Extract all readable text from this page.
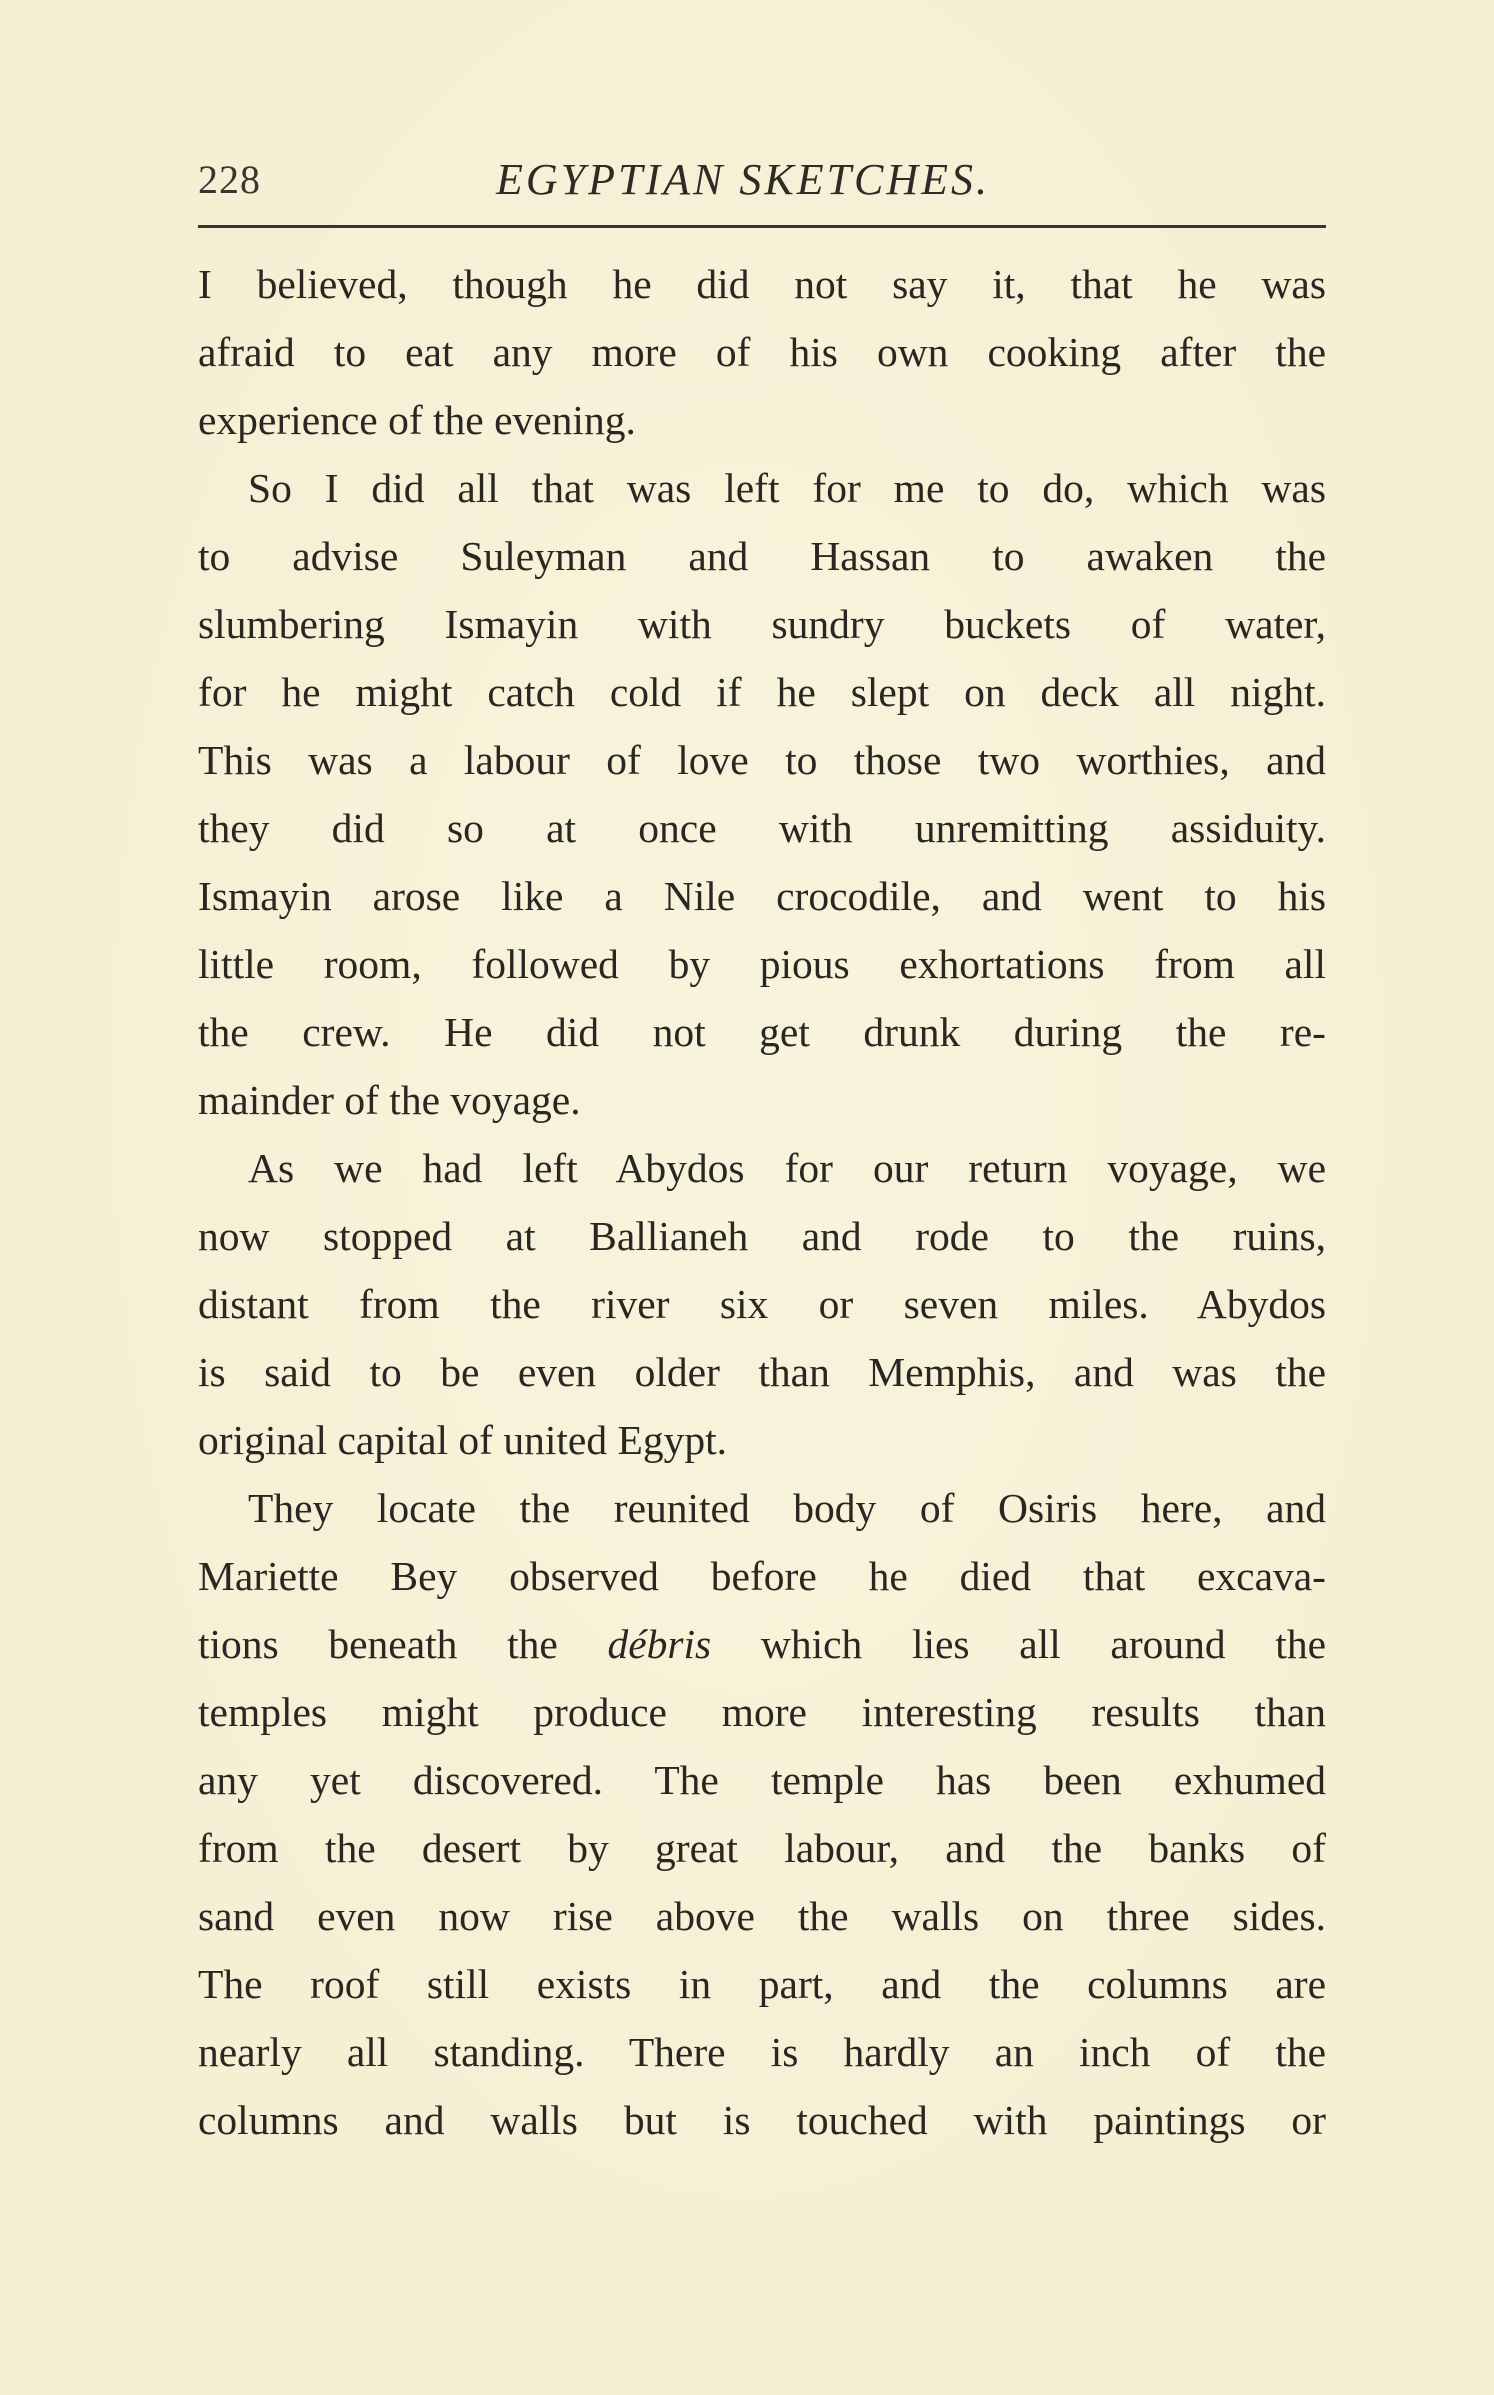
228	EGYPTIAN SKETCHES.
I believed, though he did not say it, that he was
afraid to eat any more of his own cooking after the
experience of the evening.
So I did all that was left for me to do, which was
to advise Suleyman and Hassan to awaken the
slumbering Ismayin with sundry buckets of water,
for he might catch cold if he slept on deck all night.
This was a labour of love to those two worthies, and
they did so at once with unremitting assiduity.
Ismayin arose like a Nile crocodile, and went to his
little room, followed by pious exhortations from all
the crew. He did not get drunk during the re-
mainder of the voyage.
As we had left Abydos for our return voyage, we
now stopped at Ballianeh and rode to the ruins,
distant from the river six or seven miles. Abydos
is said to be even older than Memphis, and was the
original capital of united Egypt.
They locate the reunited body of Osiris here, and
Mariette Bey observed before he died that excava-
tions beneath the débris which lies all around the
temples might produce more interesting results than
any yet discovered. The temple has been exhumed
from the desert by great labour, and the banks of
sand even now rise above the walls on three sides.
The roof still exists in part, and the columns are
nearly all standing. There is hardly an inch of the
columns and walls but is touched with paintings or
